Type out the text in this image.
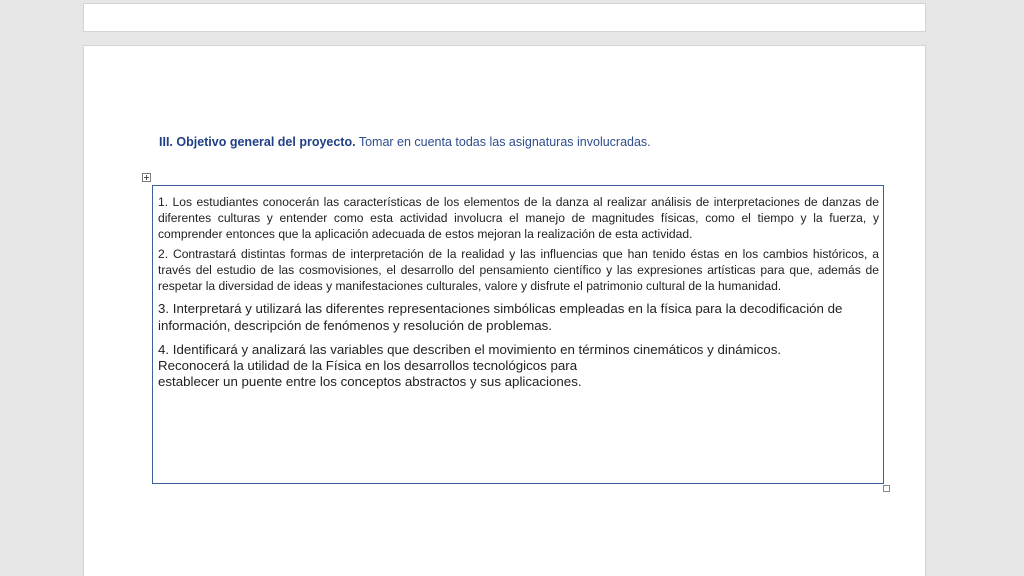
III. Objetivo general del proyecto. Tomar en cuenta todas las asignaturas involucradas.

1. Los estudiantes conocerán las características de los elementos de la danza al realizar análisis de interpretaciones de danzas de diferentes culturas y entender como esta actividad involucra el manejo de magnitudes físicas, como el tiempo y la fuerza, y comprender entonces que la aplicación adecuada de estos mejoran la realización de esta actividad.

2. Contrastará distintas formas de interpretación de la realidad y las influencias que han tenido éstas en los cambios históricos, a través del estudio de las cosmovisiones, el desarrollo del pensamiento científico y las expresiones artísticas para que, además de respetar la diversidad de ideas y manifestaciones culturales, valore y disfrute el patrimonio cultural de la humanidad.

3. Interpretará y utilizará las diferentes representaciones simbólicas empleadas en la física para la decodificación de información, descripción de fenómenos y resolución de problemas.

4. Identificará y analizará las variables que describen el movimiento en términos cinemáticos y dinámicos.
Reconocerá la utilidad de la Física en los desarrollos tecnológicos para
establecer un puente entre los conceptos abstractos y sus aplicaciones.
